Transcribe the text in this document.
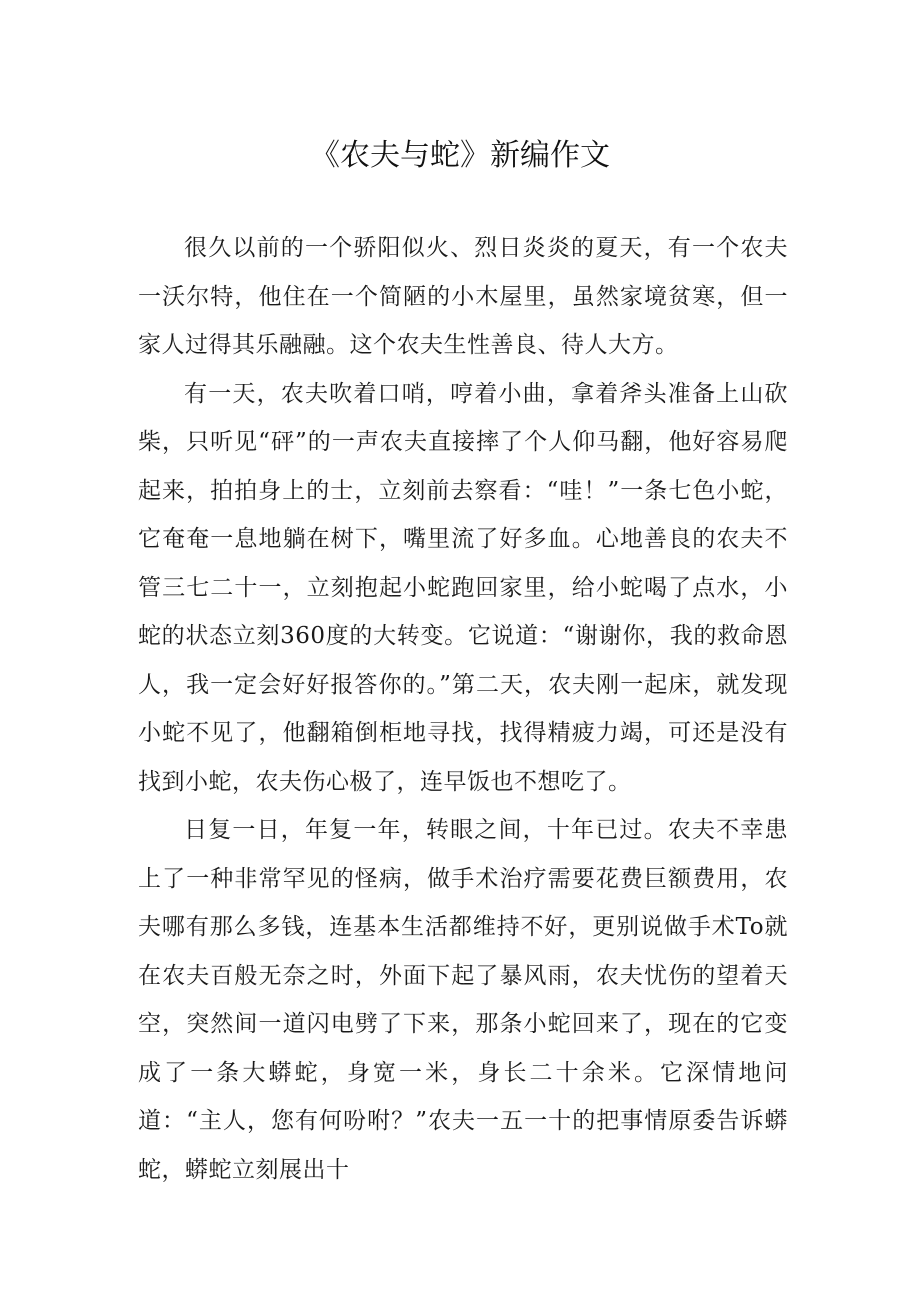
《农夫与蛇》新编作文

很久以前的一个骄阳似火、烈日炎炎的夏天，有一个农夫一沃尔特，他住在一个简陋的小木屋里，虽然家境贫寒，但一家人过得其乐融融。这个农夫生性善良、待人大方。

有一天，农夫吹着口哨，哼着小曲，拿着斧头准备上山砍柴，只听见“砰”的一声农夫直接摔了个人仰马翻，他好容易爬起来，拍拍身上的士，立刻前去察看：“哇！”一条七色小蛇，它奄奄一息地躺在树下，嘴里流了好多血。心地善良的农夫不管三七二十一，立刻抱起小蛇跑回家里，给小蛇喝了点水，小蛇的状态立刻360度的大转变。它说道：“谢谢你，我的救命恩人，我一定会好好报答你的。”第二天，农夫刚一起床，就发现小蛇不见了，他翻箱倒柜地寻找，找得精疲力竭，可还是没有找到小蛇，农夫伤心极了，连早饭也不想吃了。

日复一日，年复一年，转眼之间，十年已过。农夫不幸患上了一种非常罕见的怪病，做手术治疗需要花费巨额费用，农夫哪有那么多钱，连基本生活都维持不好，更别说做手术To就在农夫百般无奈之时，外面下起了暴风雨，农夫忧伤的望着天空，突然间一道闪电劈了下来，那条小蛇回来了，现在的它变成了一条大蟒蛇，身宽一米，身长二十余米。它深情地问道：“主人，您有何吩咐？”农夫一五一十的把事情原委告诉蟒蛇，蟒蛇立刻展出十
